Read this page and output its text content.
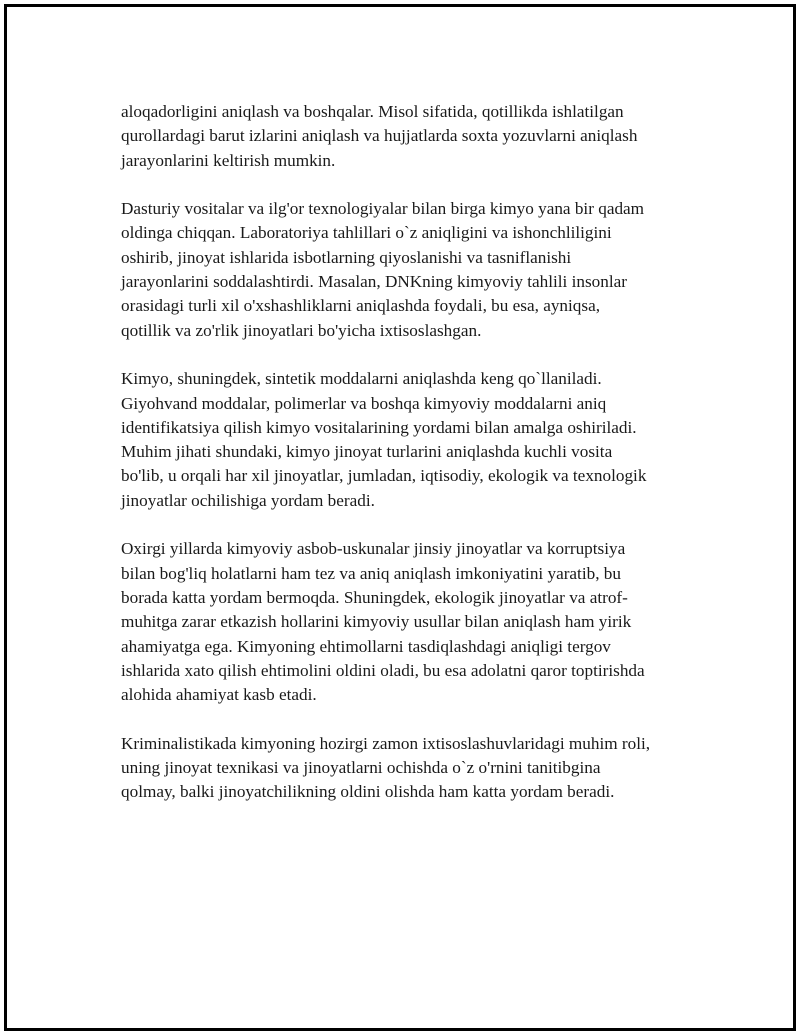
aloqadorligini aniqlash va boshqalar. Misol sifatida, qotillikda ishlatilgan
qurollardagi barut izlarini aniqlash va hujjatlarda soxta yozuvlarni aniqlash
jarayonlarini keltirish mumkin.
Dasturiy vositalar va ilg'or texnologiyalar bilan birga kimyo yana bir qadam
oldinga chiqqan. Laboratoriya tahlillari o`z aniqligini va ishonchliligini
oshirib, jinoyat ishlarida isbotlarning qiyoslanishi va tasniflanishi
jarayonlarini soddalashtirdi. Masalan, DNKning kimyoviy tahlili insonlar
orasidagi turli xil o'xshashliklarni aniqlashda foydali, bu esa, ayniqsa,
qotillik va zo'rlik jinoyatlari bo'yicha ixtisoslashgan.
Kimyo, shuningdek, sintetik moddalarni aniqlashda keng qo`llaniladi.
Giyohvand moddalar, polimerlar va boshqa kimyoviy moddalarni aniq
identifikatsiya qilish kimyo vositalarining yordami bilan amalga oshiriladi.
Muhim jihati shundaki, kimyo jinoyat turlarini aniqlashda kuchli vosita
bo'lib, u orqali har xil jinoyatlar, jumladan, iqtisodiy, ekologik va texnologik
jinoyatlar ochilishiga yordam beradi.
Oxirgi yillarda kimyoviy asbob-uskunalar jinsiy jinoyatlar va korruptsiya
bilan bog'liq holatlarni ham tez va aniq aniqlash imkoniyatini yaratib, bu
borada katta yordam bermoqda. Shuningdek, ekologik jinoyatlar va atrof-
muhitga zarar etkazish hollarini kimyoviy usullar bilan aniqlash ham yirik
ahamiyatga ega. Kimyoning ehtimollarni tasdiqlashdagi aniqligi tergov
ishlarida xato qilish ehtimolini oldini oladi, bu esa adolatni qaror toptirishda
alohida ahamiyat kasb etadi.
Kriminalistikada kimyoning hozirgi zamon ixtisoslashuvlaridagi muhim roli,
uning jinoyat texnikasi va jinoyatlarni ochishda o`z o'rnini tanitibgina
qolmay, balki jinoyatchilikning oldini olishda ham katta yordam beradi.
